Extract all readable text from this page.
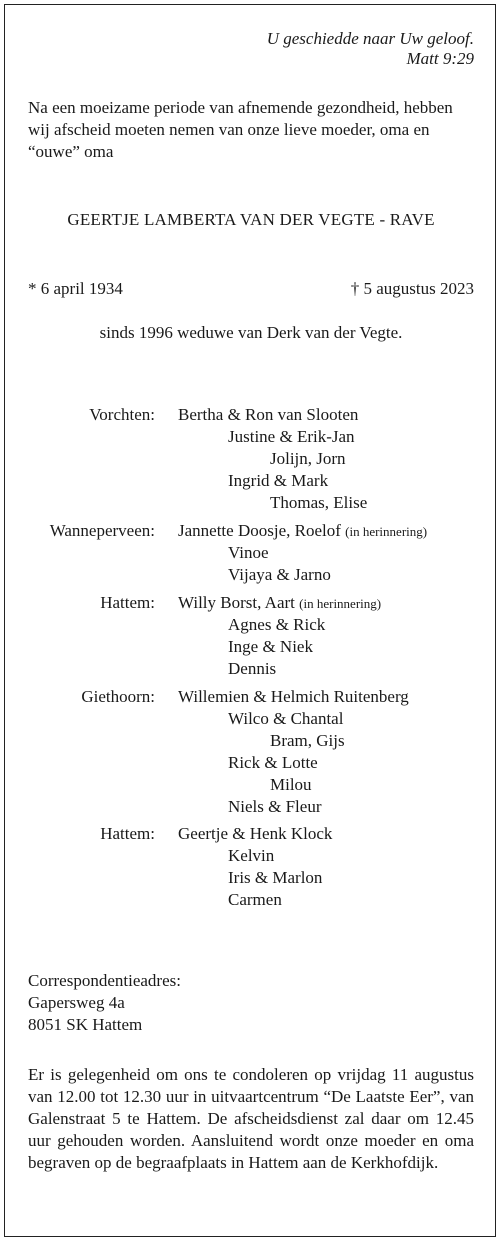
U geschiedde naar Uw geloof.
Matt 9:29
Na een moeizame periode van afnemende gezondheid, hebben wij afscheid moeten nemen van onze lieve moeder, oma en “ouwe” oma
GEERTJE LAMBERTA VAN DER VEGTE - RAVE
* 6 april 1934	† 5 augustus 2023
sinds 1996 weduwe van Derk van der Vegte.
Vorchten: Bertha & Ron van Slooten
Justine & Erik-Jan
Jolijn, Jorn
Ingrid & Mark
Thomas, Elise
Wanneperveen: Jannette Doosje, Roelof (in herinnering)
Vinoe
Vijaya & Jarno
Hattem: Willy Borst, Aart (in herinnering)
Agnes & Rick
Inge & Niek
Dennis
Giethoorn: Willemien & Helmich Ruitenberg
Wilco & Chantal
Bram, Gijs
Rick & Lotte
Milou
Niels & Fleur
Hattem: Geertje & Henk Klock
Kelvin
Iris & Marlon
Carmen
Correspondentieadres:
Gapersweg 4a
8051 SK Hattem
Er is gelegenheid om ons te condoleren op vrijdag 11 augustus van 12.00 tot 12.30 uur in uitvaartcentrum “De Laatste Eer”, van Galenstraat 5 te Hattem. De afscheidsdienst zal daar om 12.45 uur gehouden worden. Aansluitend wordt onze moeder en oma begraven op de begraafplaats in Hattem aan de Kerkhofdijk.
